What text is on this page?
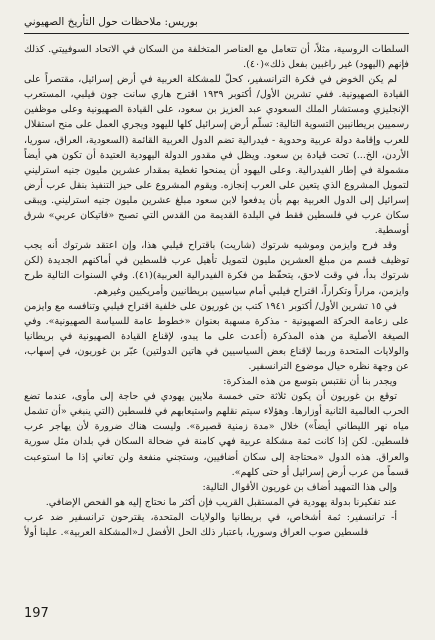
بوريس: ملاحظات حول التأريخ الصهيوني

السلطات الروسية، مثلاً، أن تتعامل مع العناصر المتخلفة من السكان في الاتحاد السوفييتي. كذلك فإنهم (اليهود) غير راغبين بفعل ذلك»(٤٠).

لم يكن الخوض في فكرة الترانسفير، كحلّ للمشكلة العربية في أرض إسرائيل، مقتصراً على القيادة الصهيونية. ففي تشرين الأول/ أكتوبر ١٩٣٩ اقترح هاري سانت جون فيلبي، المستعرب الإنجليزي ومستشار الملك السعودي عبد العزيز بن سعود، على القيادة الصهيونية وعلى موظفين رسميين بريطانيين التسوية التالية: تسلّم أرض إسرائيل كلها لليهود ويجري العمل على منح استقلال للعرب وإقامة دولة عربية وحدوية - فيدرالية تضم الدول العربية القائمة (السعودية، العراق، سوريا، الأردن، الخ...) تحت قيادة بن سعود. ويظل في مقدور الدولة اليهودية العتيدة أن تكون هي أيضاً مشمولة في إطار الفيدرالية. وعلى اليهود أن يمنحوا تغطية بمقدار عشرين مليون جنيه استرليني لتمويل المشروع الذي يتعين على العرب إنجازه. ويقوم المشروع على حيز التنفيذ بنقل عرب أرض إسرائيل إلى الدول العربية بهم بأن يدفعوا لابن سعود مبلغ عشرين مليون جنيه استرليني. ويبقى سكان عرب في فلسطين فقط في البلدة القديمة من القدس التي تصبح «فاتيكان عربي» شرق أوسطية.

وقد فرح وايزمن وموشيه شرتوك (شاريت) باقتراح فيلبي هذا، وإن اعتقد شرتوك أنه يجب توظيف قسم من مبلغ العشرين مليون لتمويل تأهيل عرب فلسطين في أماكنهم الجديدة (لكن شرتوك بدأ، في وقت لاحق، يتحفّظ من فكرة الفيدرالية العربية)(٤١). وفي السنوات التالية طرح وايزمن، مراراً وتكراراً، اقتراح فيلبي أمام سياسيين بريطانيين وأمريكيين وغيرهم.

في ١٥ تشرين الأول/ أكتوبر ١٩٤١ كتب بن غوريون على خلفية اقتراح فيلبي وتنافسه مع وايزمن على زعامة الحركة الصهيونية - مذكرة مسهبة بعنوان «خطوط عامة للسياسة الصهيونية». وفي الصيغة الأصلية من هذه المذكرة (أعدت على ما يبدو، لإقناع القيادة الصهيونية في بريطانيا والولايات المتحدة وربما لإقناع بعض السياسيين في هاتين الدولتين) عبّر بن غوريون، في إسهاب، عن وجهة نظره حيال موضوع الترانسفير.

ويجدر بنا أن نقتبس بتوسع من هذه المذكرة:

توقع بن غوريون أن يكون ثلاثة حتى خمسة ملايين يهودي في حاجة إلى مأوى، عندما تضع الحرب العالمية الثانية أوزارها. وهؤلاء سيتم نقلهم واستيعابهم في فلسطين (التي ينبغي «أن تشمل مياه نهر الليطاني أيضاً») خلال «مدة زمنية قصيرة». وليست هناك ضرورة لأن يهاجر عرب فلسطين. لكن إذا كانت ثمة مشكلة عربية فهي كامنة في ضحالة السكان في بلدان مثل سورية والعراق. هذه الدول «محتاجة إلى سكان أضافيين، وستجني منفعة ولن تعاني إذا ما استوعبت قسماً من عرب أرض إسرائيل أو حتى كلهم».

وإلى هذا التمهيد أضاف بن غوريون الأقوال التالية:

عند تفكيرنا بدولة يهودية في المستقبل القريب فإن أكثر ما نحتاج إليه هو الفحص الإضافي.

أ- ترانسفير: ثمة أشخاص، في بريطانيا والولايات المتحدة، يقترحون ترانسفير ضد عرب فلسطين صوب العراق وسوريا، باعتبار ذلك الحل الأفضل لـ«المشكلة العربية». علينا أولاً

197
